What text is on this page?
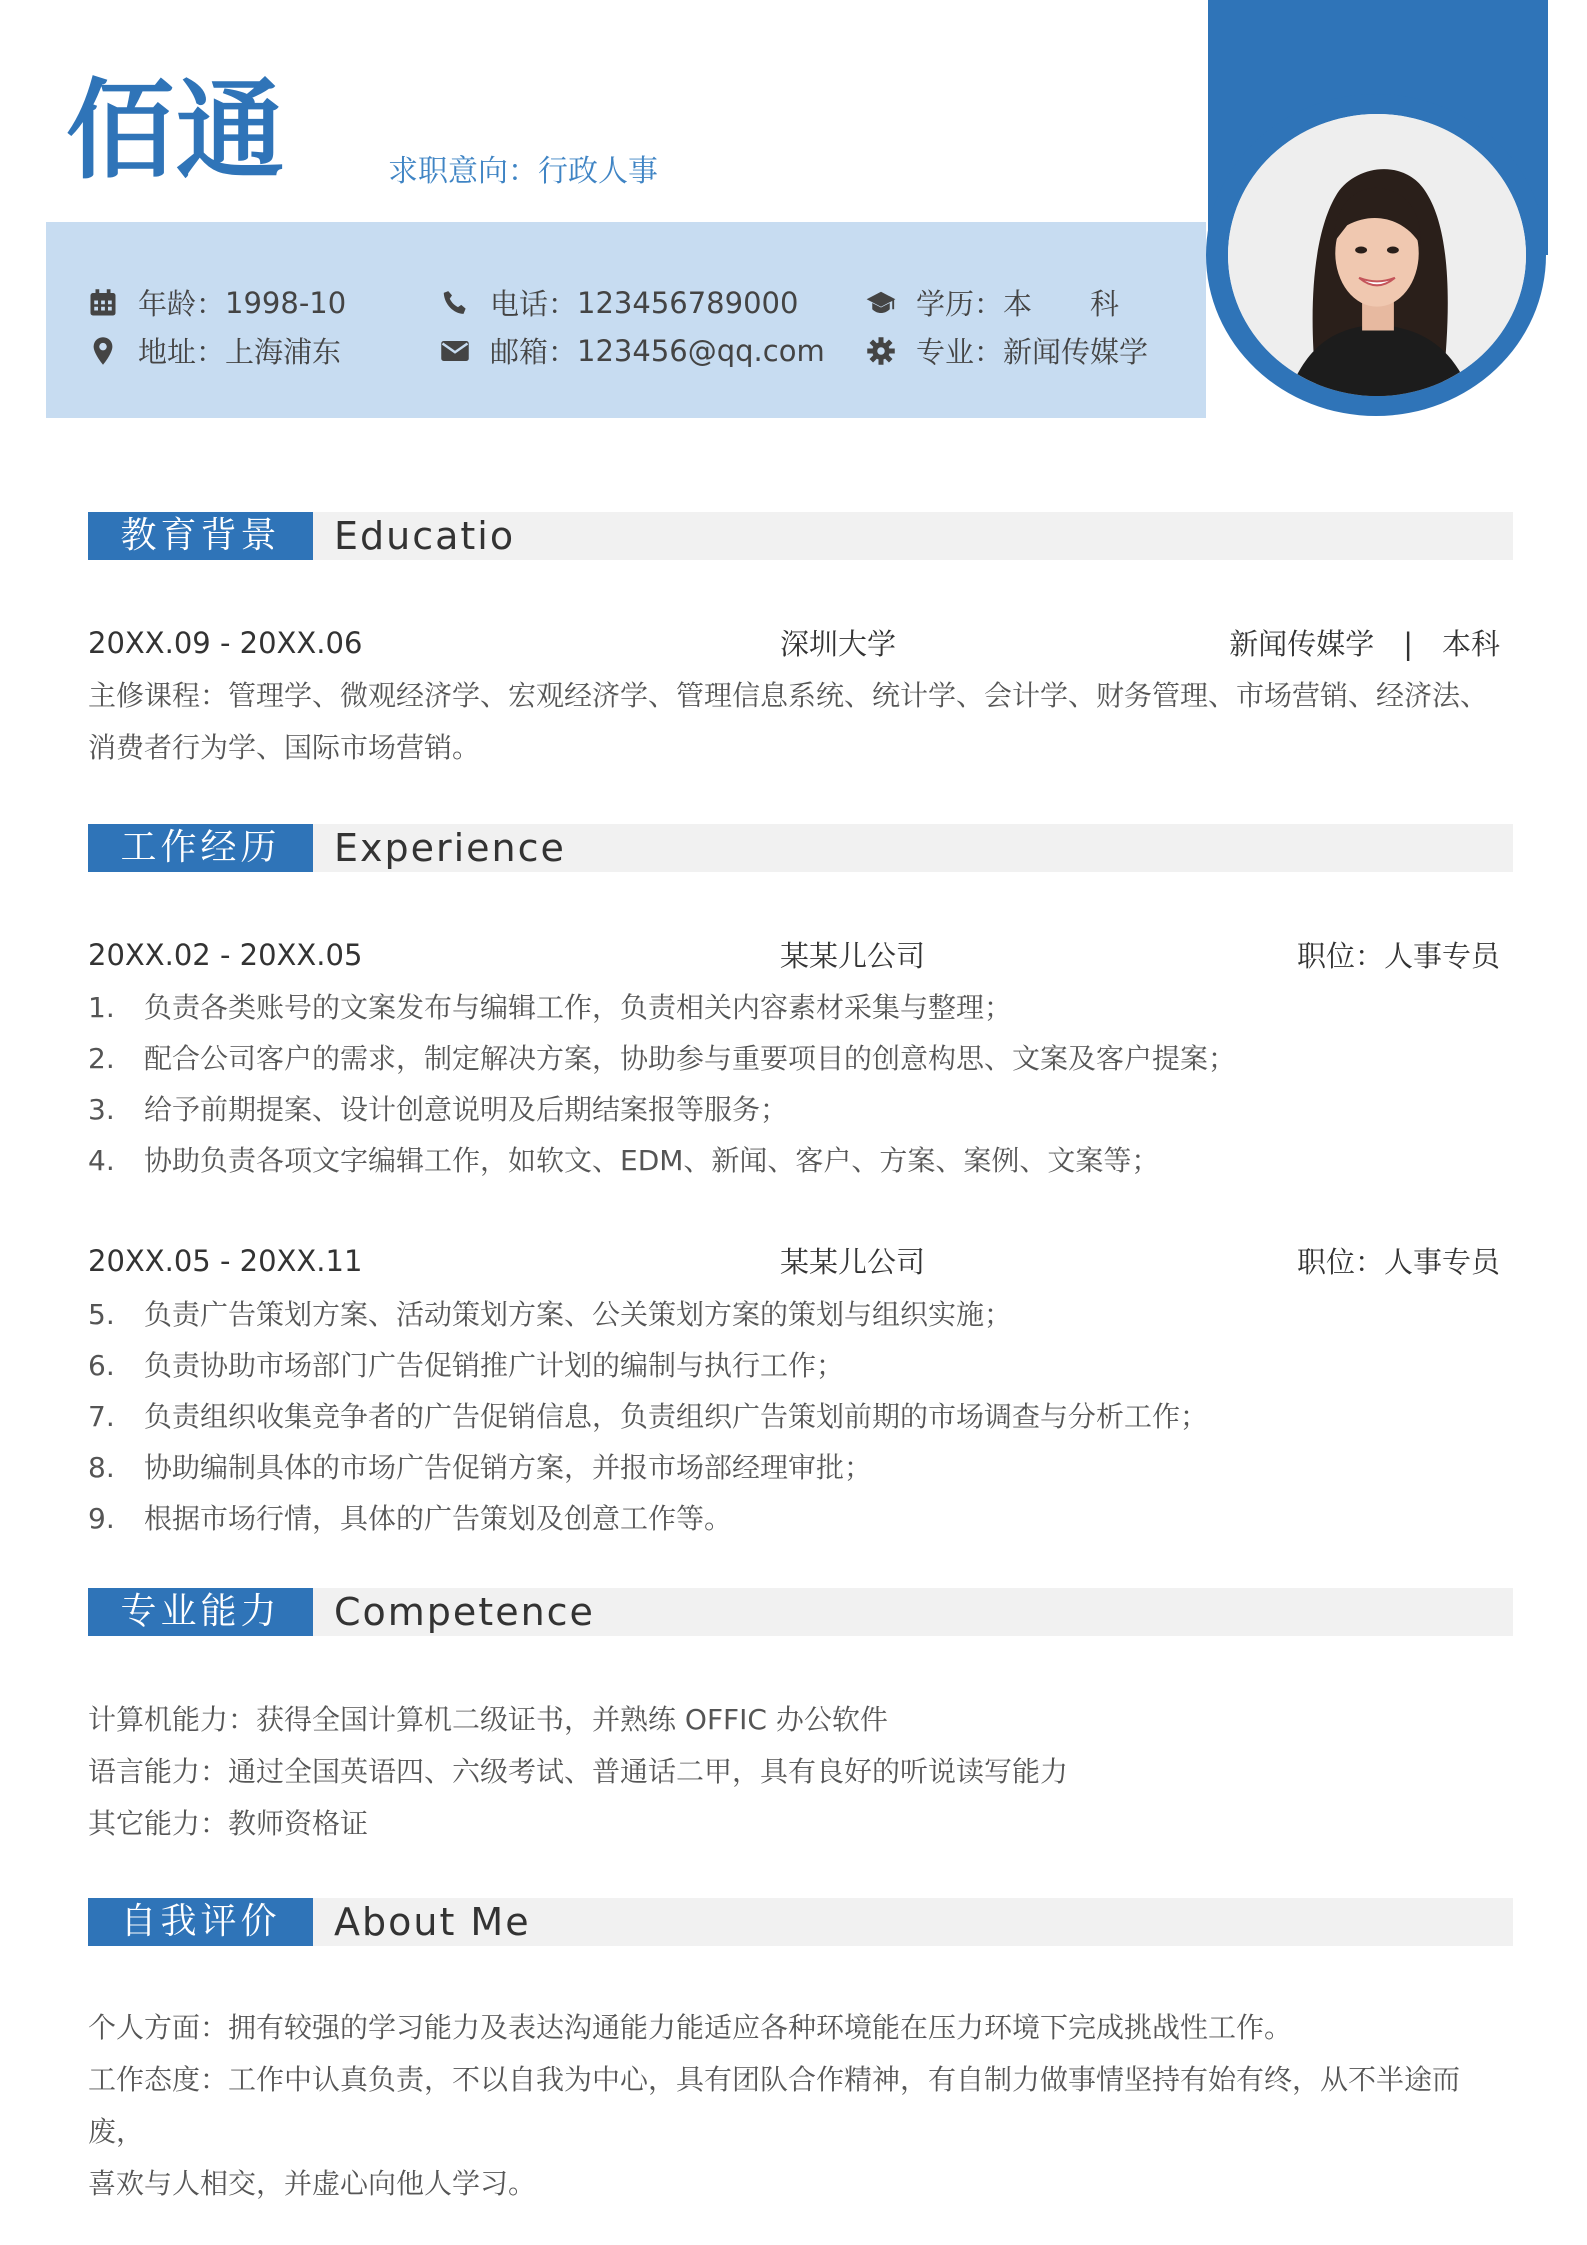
佰通	求职意向：行政人事
年龄： 1998-10
地址： 上海浦东
电话： 123456789000
邮箱： 123456@qq.com
学历： 本　　科
专业： 新闻传媒学
教育背景	Educatio
20XX.09 - 20XX.06	深圳大学	新闻传媒学　|　本科
主修课程：管理学、微观经济学、宏观经济学、管理信息系统、统计学、会计学、财务管理、市场营销、经济法、
消费者行为学、国际市场营销。
工作经历	Experience
20XX.02 - 20XX.05	某某儿公司	职位：人事专员
1. 负责各类账号的文案发布与编辑工作，负责相关内容素材采集与整理；
2. 配合公司客户的需求，制定解决方案，协助参与重要项目的创意构思、文案及客户提案；
3. 给予前期提案、设计创意说明及后期结案报等服务；
4. 协助负责各项文字编辑工作，如软文、EDM、新闻、客户、方案、案例、文案等；
20XX.05 - 20XX.11	某某儿公司	职位：人事专员
5. 负责广告策划方案、活动策划方案、公关策划方案的策划与组织实施；
6. 负责协助市场部门广告促销推广计划的编制与执行工作；
7. 负责组织收集竞争者的广告促销信息，负责组织广告策划前期的市场调查与分析工作；
8. 协助编制具体的市场广告促销方案，并报市场部经理审批；
9. 根据市场行情，具体的广告策划及创意工作等。
专业能力	Competence
计算机能力：获得全国计算机二级证书，并熟练 OFFIC 办公软件
语言能力：通过全国英语四、六级考试、普通话二甲，具有良好的听说读写能力
其它能力：教师资格证
自我评价	About Me
个人方面：拥有较强的学习能力及表达沟通能力能适应各种环境能在压力环境下完成挑战性工作。
工作态度：工作中认真负责，不以自我为中心，具有团队合作精神，有自制力做事情坚持有始有终，从不半途而废，
喜欢与人相交，并虚心向他人学习。
